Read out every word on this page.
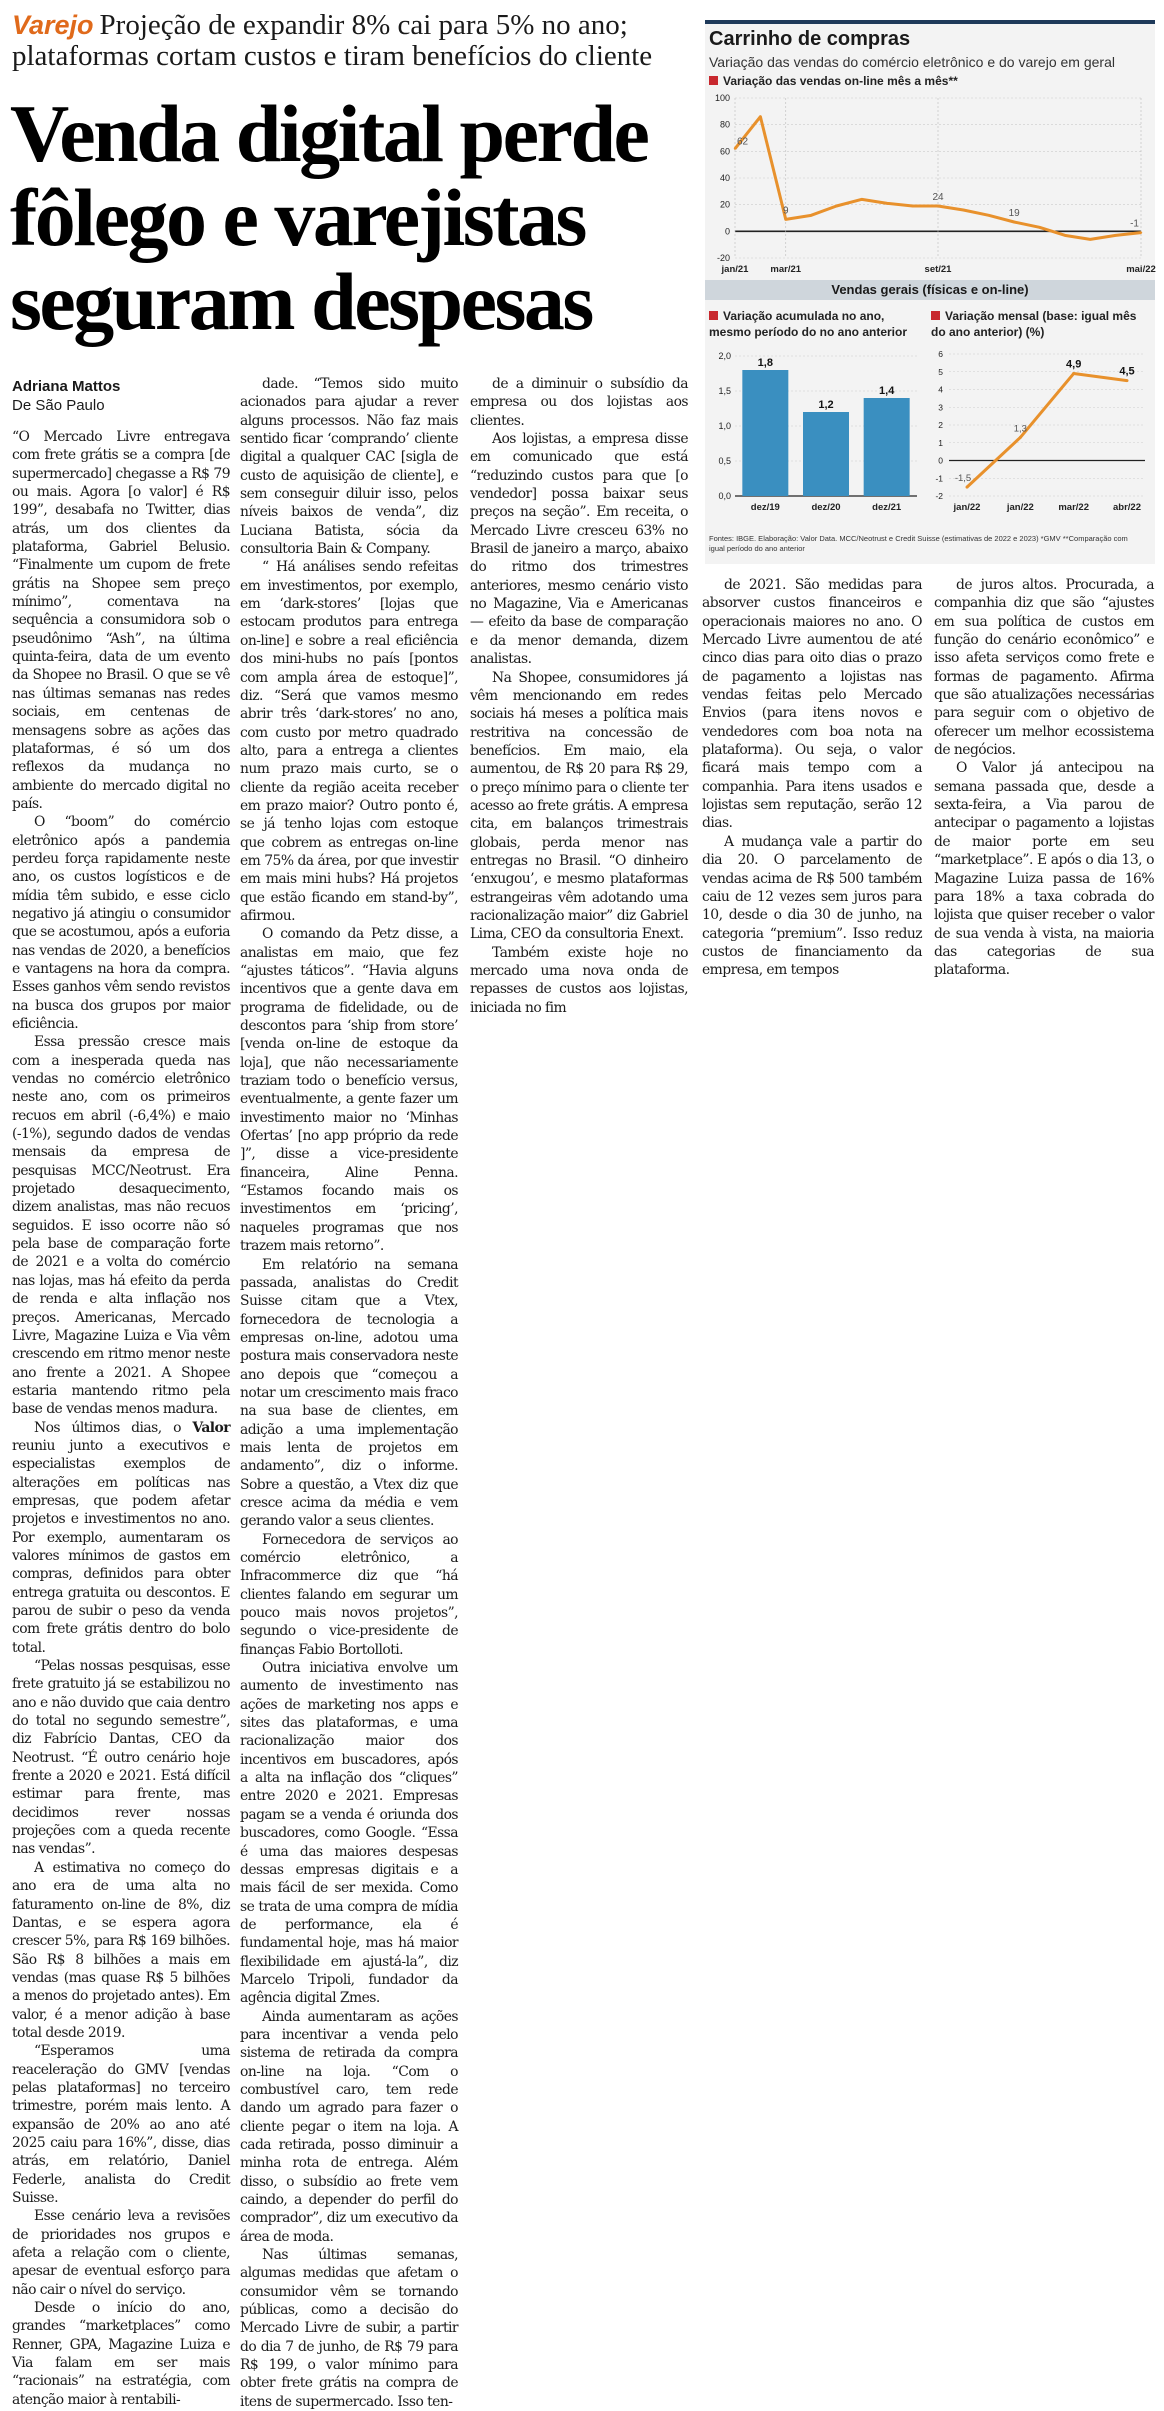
Varejo Projeção de expandir 8% cai para 5% no ano; plataformas cortam custos e tiram benefícios do cliente
Venda digital perde fôlego e varejistas seguram despesas
Adriana Mattos
De São Paulo

“O Mercado Livre entregava com frete grátis se a compra [de supermercado] chegasse a R$ 79 ou mais. Agora [o valor] é R$ 199”, desabafa no Twitter, dias atrás, um dos clientes da plataforma, Gabriel Belusio. “Finalmente um cupom de frete grátis na Shopee sem preço mínimo”, comentava na sequência a consumidora sob o pseudônimo “Ash”, na última quinta-feira, data de um evento da Shopee no Brasil. O que se vê nas últimas semanas nas redes sociais, em centenas de mensagens sobre as ações das plataformas, é só um dos reflexos da mudança no ambiente do mercado digital no país.

O “boom” do comércio eletrônico após a pandemia perdeu força rapidamente neste ano, os custos logísticos e de mídia têm subido, e esse ciclo negativo já atingiu o consumidor que se acostumou, após a euforia nas vendas de 2020, a benefícios e vantagens na hora da compra. Esses ganhos vêm sendo revistos na busca dos grupos por maior eficiência.

Essa pressão cresce mais com a inesperada queda nas vendas no comércio eletrônico neste ano, com os primeiros recuos em abril (-6,4%) e maio (-1%), segundo dados de vendas mensais da empresa de pesquisas MCC/Neotrust. Era projetado desaquecimento, dizem analistas, mas não recuos seguidos. E isso ocorre não só pela base de comparação forte de 2021 e a volta do comércio nas lojas, mas há efeito da perda de renda e alta inflação nos preços. Americanas, Mercado Livre, Magazine Luiza e Via vêm crescendo em ritmo menor neste ano frente a 2021. A Shopee estaria mantendo ritmo pela base de vendas menos madura.

Nos últimos dias, o Valor reuniu junto a executivos e especialistas exemplos de alterações em políticas nas empresas, que podem afetar projetos e investimentos no ano. Por exemplo, aumentaram os valores mínimos de gastos em compras, definidos para obter entrega gratuita ou descontos. E parou de subir o peso da venda com frete grátis dentro do bolo total.

“Pelas nossas pesquisas, esse frete gratuito já se estabilizou no ano e não duvido que caia dentro do total no segundo semestre”, diz Fabrício Dantas, CEO da Neotrust. “É outro cenário hoje frente a 2020 e 2021. Está difícil estimar para frente, mas decidimos rever nossas projeções com a queda recente nas vendas”.

A estimativa no começo do ano era de uma alta no faturamento on-line de 8%, diz Dantas, e se espera agora crescer 5%, para R$ 169 bilhões. São R$ 8 bilhões a mais em vendas (mas quase R$ 5 bilhões a menos do projetado antes). Em valor, é a menor adição à base total desde 2019.

“Esperamos uma reaceleração do GMV [vendas pelas plataformas] no terceiro trimestre, porém mais lento. A expansão de 20% ao ano até 2025 caiu para 16%”, disse, dias atrás, em relatório, Daniel Federle, analista do Credit Suisse.

Esse cenário leva a revisões de prioridades nos grupos e afeta a relação com o cliente, apesar de eventual esforço para não cair o nível do serviço.

Desde o início do ano, grandes “marketplaces” como Renner, GPA, Magazine Luiza e Via falam em ser mais “racionais” na estratégia, com atenção maior à rentabili-

dade. “Temos sido muito acionados para ajudar a rever alguns processos. Não faz mais sentido ficar ‘comprando’ cliente digital a qualquer CAC [sigla de custo de aquisição de cliente], e sem conseguir diluir isso, pelos níveis baixos de venda”, diz Luciana Batista, sócia da consultoria Bain & Company.

“ Há análises sendo refeitas em investimentos, por exemplo, em ‘dark-stores’ [lojas que estocam produtos para entrega on-line] e sobre a real eficiência dos mini-hubs no país [pontos com ampla área de estoque]”, diz. “Será que vamos mesmo abrir três ‘dark-stores’ no ano, com custo por metro quadrado alto, para a entrega a clientes num prazo mais curto, se o cliente da região aceita receber em prazo maior? Outro ponto é, se já tenho lojas com estoque que cobrem as entregas on-line em 75% da área, por que investir em mais mini hubs? Há projetos que estão ficando em stand-by”, afirmou.

O comando da Petz disse, a analistas em maio, que fez “ajustes táticos”. “Havia alguns incentivos que a gente dava em programa de fidelidade, ou de descontos para ‘ship from store’ [venda on-line de estoque da loja], que não necessariamente traziam todo o benefício versus, eventualmente, a gente fazer um investimento maior no ‘Minhas Ofertas’ [no app próprio da rede ]”, disse a vice-presidente financeira, Aline Penna. “Estamos focando mais os investimentos em ‘pricing’, naqueles programas que nos trazem mais retorno”.

Em relatório na semana passada, analistas do Credit Suisse citam que a Vtex, fornecedora de tecnologia a empresas on-line, adotou uma postura mais conservadora neste ano depois que “começou a notar um crescimento mais fraco na sua base de clientes, em adição a uma implementação mais lenta de projetos em andamento”, diz o informe. Sobre a questão, a Vtex diz que cresce acima da média e vem gerando valor a seus clientes.

Fornecedora de serviços ao comércio eletrônico, a Infracommerce diz que “há clientes falando em segurar um pouco mais novos projetos”, segundo o vice-presidente de finanças Fabio Bortolloti.

Outra iniciativa envolve um aumento de investimento nas ações de marketing nos apps e sites das plataformas, e uma racionalização maior dos incentivos em buscadores, após a alta na inflação dos “cliques” entre 2020 e 2021. Empresas pagam se a venda é oriunda dos buscadores, como Google. “Essa é uma das maiores despesas dessas empresas digitais e a mais fácil de ser mexida. Como se trata de uma compra de mídia de performance, ela é fundamental hoje, mas há maior flexibilidade em ajustá-la”, diz Marcelo Tripoli, fundador da agência digital Zmes.

Ainda aumentaram as ações para incentivar a venda pelo sistema de retirada da compra on-line na loja. “Com o combustível caro, tem rede dando um agrado para fazer o cliente pegar o item na loja. A cada retirada, posso diminuir a minha rota de entrega. Além disso, o subsídio ao frete vem caindo, a depender do perfil do comprador”, diz um executivo da área de moda.

Nas últimas semanas, algumas medidas que afetam o consumidor vêm se tornando públicas, como a decisão do Mercado Livre de subir, a partir do dia 7 de junho, de R$ 79 para R$ 199, o valor mínimo para obter frete grátis na compra de itens de supermercado. Isso ten-

de a diminuir o subsídio da empresa ou dos lojistas aos clientes.

Aos lojistas, a empresa disse em comunicado que está “reduzindo custos para que [o vendedor] possa baixar seus preços na seção”. Em receita, o Mercado Livre cresceu 63% no Brasil de janeiro a março, abaixo do ritmo dos trimestres anteriores, mesmo cenário visto no Magazine, Via e Americanas — efeito da base de comparação e da menor demanda, dizem analistas.

Na Shopee, consumidores já vêm mencionando em redes sociais há meses a política mais restritiva na concessão de benefícios. Em maio, ela aumentou, de R$ 20 para R$ 29, o preço mínimo para o cliente ter acesso ao frete grátis. A empresa cita, em balanços trimestrais globais, perda menor nas entregas no Brasil. “O dinheiro ‘enxugou’, e mesmo plataformas estrangeiras vêm adotando uma racionalização maior” diz Gabriel Lima, CEO da consultoria Enext.

Também existe hoje no mercado uma nova onda de repasses de custos aos lojistas, iniciada no fim

de 2021. São medidas para absorver custos financeiros e operacionais maiores no ano. O Mercado Livre aumentou de até cinco dias para oito dias o prazo de pagamento a lojistas nas vendas feitas pelo Mercado Envios (para itens novos e vendedores com boa nota na plataforma). Ou seja, o valor ficará mais tempo com a companhia. Para itens usados e lojistas sem reputação, serão 12 dias.

A mudança vale a partir do dia 20. O parcelamento de vendas acima de R$ 500 também caiu de 12 vezes sem juros para 10, desde o dia 30 de junho, na categoria “premium”. Isso reduz custos de financiamento da empresa, em tempos

de juros altos. Procurada, a companhia diz que são “ajustes em sua política de custos em função do cenário econômico” e isso afeta serviços como frete e formas de pagamento. Afirma que são atualizações necessárias para seguir com o objetivo de oferecer um melhor ecossistema de negócios.

O Valor já antecipou na semana passada que, desde a sexta-feira, a Via parou de antecipar o pagamento a lojistas de maior porte em seu “marketplace”. E após o dia 13, o Magazine Luiza passa de 16% para 18% a taxa cobrada do lojista que quiser receber o valor de sua venda à vista, na maioria das categorias de sua plataforma.

Carrinho de compras
Variação das vendas do comércio eletrônico e do varejo em geral
Variação das vendas on-line mês a mês**
100
80
60
40
20
0
-20
jan/21 mar/21	set/21	mai/22
62
9
24
19
-1
Vendas gerais (físicas e on-line)
Variação acumulada no ano,
mesmo período do no ano anterior
Variação mensal (base: igual mês
do ano anterior) (%)
2,0
1,5
1,0
0,5
0,0
1,8
dez/19
1,2
dez/20
1,4
dez/21
6
5
4
3
2
1
0
-1
-2
-1,5
jan/22
1,3
jan/22
4,9
mar/22
4,5
abr/22
Fontes: IBGE. Elaboração: Valor Data. MCC/Neotrust e Credit Suisse (estimativas de 2022 e 2023) *GMV **Comparação com
igual período do ano anterior
